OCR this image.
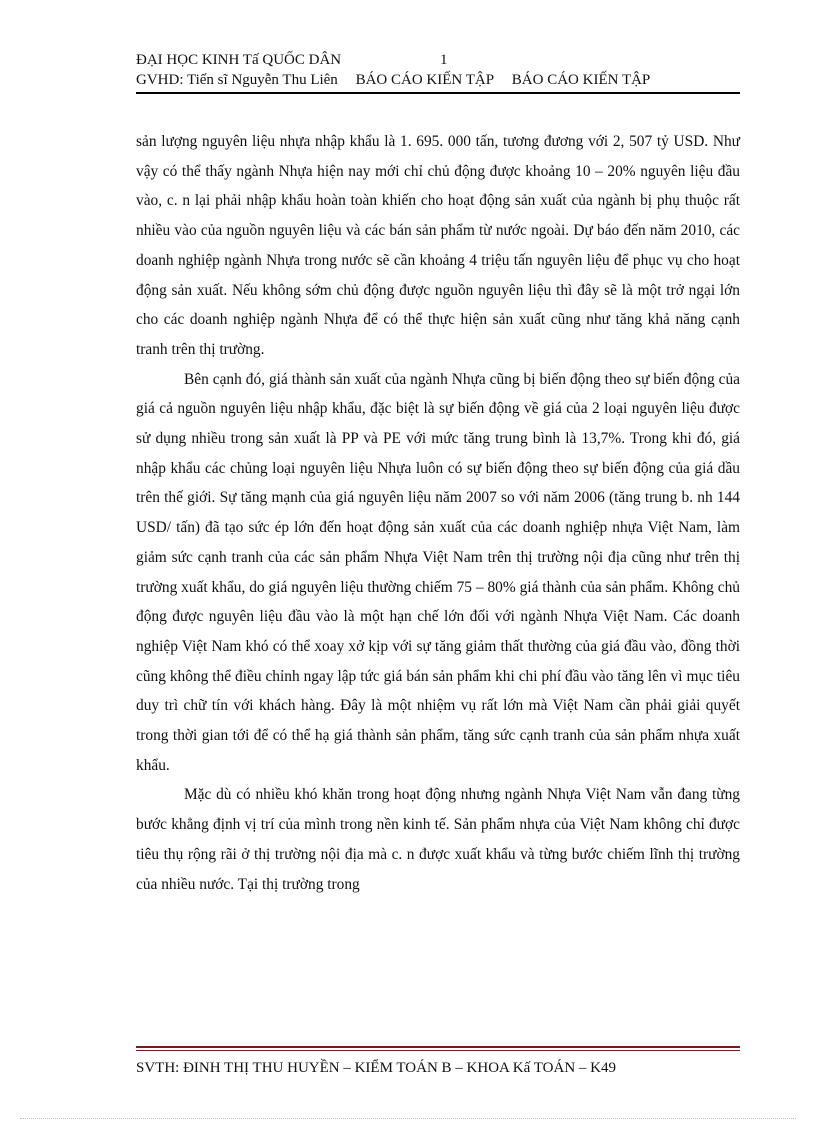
ĐẠI HỌC KINH Tấ QUỐC DÂN	1
GVHD: Tiến sĩ Nguyễn Thu Liên BÁO CÁO KIẾN TẬP BÁO CÁO KIẾN TẬP

sản lượng nguyên liệu nhựa nhập khẩu là 1. 695. 000 tấn, tương đương với 2, 507 tỷ USD. Như vậy có thể thấy ngành Nhựa hiện nay mới chỉ chủ động được khoảng 10 – 20% nguyên liệu đầu vào, c. n lại phải nhập khẩu hoàn toàn khiến cho hoạt động sản xuất của ngành bị phụ thuộc rất nhiều vào của nguồn nguyên liệu và các bán sản phẩm từ nước ngoài. Dự báo đến năm 2010, các doanh nghiệp ngành Nhựa trong nước sẽ cần khoảng 4 triệu tấn nguyên liệu để phục vụ cho hoạt động sản xuất. Nếu không sớm chủ động được nguồn nguyên liệu thì đây sẽ là một trở ngại lớn cho các doanh nghiệp ngành Nhựa để có thể thực hiện sản xuất cũng như tăng khả năng cạnh tranh trên thị trường.

Bên cạnh đó, giá thành sản xuất của ngành Nhựa cũng bị biến động theo sự biến động của giá cả nguồn nguyên liệu nhập khẩu, đặc biệt là sự biến động về giá của 2 loại nguyên liệu được sử dụng nhiều trong sản xuất là PP và PE với mức tăng trung bình là 13,7%. Trong khi đó, giá nhập khẩu các chủng loại nguyên liệu Nhựa luôn có sự biến động theo sự biến động của giá dầu trên thế giới. Sự tăng mạnh của giá nguyên liệu năm 2007 so với năm 2006 (tăng trung b. nh 144 USD/ tấn) đã tạo sức ép lớn đến hoạt động sản xuất của các doanh nghiệp nhựa Việt Nam, làm giảm sức cạnh tranh của các sản phẩm Nhựa Việt Nam trên thị trường nội địa cũng như trên thị trường xuất khẩu, do giá nguyên liệu thường chiếm 75 – 80% giá thành của sản phẩm. Không chủ động được nguyên liệu đầu vào là một hạn chế lớn đối với ngành Nhựa Việt Nam. Các doanh nghiệp Việt Nam khó có thể xoay xở kịp với sự tăng giảm thất thường của giá đầu vào, đồng thời cũng không thể điều chỉnh ngay lập tức giá bán sản phẩm khi chi phí đầu vào tăng lên vì mục tiêu duy trì chữ tín với khách hàng. Đây là một nhiệm vụ rất lớn mà Việt Nam cần phải giải quyết trong thời gian tới để có thể hạ giá thành sản phẩm, tăng sức cạnh tranh của sản phẩm nhựa xuất khẩu.

Mặc dù có nhiều khó khăn trong hoạt động nhưng ngành Nhựa Việt Nam vẫn đang từng bước khẳng định vị trí của mình trong nền kinh tế. Sản phẩm nhựa của Việt Nam không chỉ được tiêu thụ rộng rãi ở thị trường nội địa mà c. n được xuất khẩu và từng bước chiếm lĩnh thị trường của nhiều nước. Tại thị trường trong

SVTH: ĐINH THỊ THU HUYỀN – KIỂM TOÁN B – KHOA Kấ TOÁN – K49
